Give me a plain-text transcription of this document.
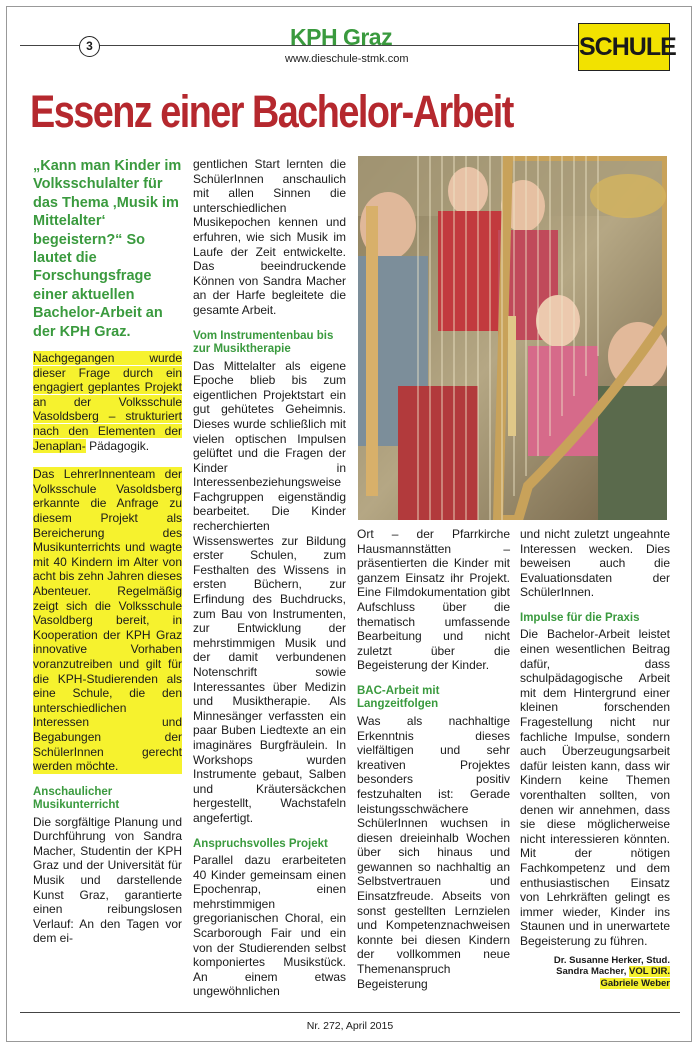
3	KPH Graz
www.dieschule-stmk.com	SCHULE
Essenz einer Bachelor-Arbeit

„Kann man Kinder im Volksschulalter für das Thema ‚Musik im Mittelalter‘ begeistern?“ So lautet die Forschungsfrage einer aktuellen Bachelor-Arbeit an der KPH Graz.

Nachgegangen wurde dieser Frage durch ein engagiert geplantes Projekt an der Volksschule Vasoldsberg – strukturiert nach den Elementen der Jenaplan- Pädagogik.

Das LehrerInnenteam der Volksschule Vasoldsberg erkannte die Anfrage zu diesem Projekt als Bereicherung des Musikunterrichts und wagte mit 40 Kindern im Alter von acht bis zehn Jahren dieses Abenteuer. Regelmäßig zeigt sich die Volksschule Vasoldberg bereit, in Kooperation der KPH Graz innovative Vorhaben voranzutreiben und gilt für die KPH-Studierenden als eine Schule, die den unterschiedlichen Interessen und Begabungen der SchülerInnen gerecht werden möchte.

Anschaulicher Musikunterricht

Die sorgfältige Planung und Durchführung von Sandra Macher, Studentin der KPH Graz und der Universität für Musik und darstellende Kunst Graz, garantierte einen reibungslosen Verlauf: An den Tagen vor dem ei-

gentlichen Start lernten die SchülerInnen anschaulich mit allen Sinnen die unterschiedlichen Musikepochen kennen und erfuhren, wie sich Musik im Laufe der Zeit entwickelte. Das beeindruckende Können von Sandra Macher an der Harfe begleitete die gesamte Arbeit.

Vom Instrumentenbau bis zur Musiktherapie

Das Mittelalter als eigene Epoche blieb bis zum eigentlichen Projektstart ein gut gehütetes Geheimnis. Dieses wurde schließlich mit vielen optischen Impulsen gelüftet und die Fragen der Kinder in Interessenbeziehungsweise Fachgruppen eigenständig bearbeitet. Die Kinder recherchierten Wissenswertes zur Bildung erster Schulen, zum Festhalten des Wissens in ersten Büchern, zur Erfindung des Buchdrucks, zum Bau von Instrumenten, zur Entwicklung der mehrstimmigen Musik und der damit verbundenen Notenschrift sowie Interessantes über Medizin und Musiktherapie. Als Minnesänger verfassten ein paar Buben Liedtexte an ein imaginäres Burgfräulein. In Workshops wurden Instrumente gebaut, Salben und Kräutersäckchen hergestellt, Wachstafeln angefertigt.

Anspruchsvolles Projekt

Parallel dazu erarbeiteten 40 Kinder gemeinsam einen Epochenrap, einen mehrstimmigen gregorianischen Choral, ein Scarborough Fair und ein von der Studierenden selbst komponiertes Musikstück. An einem etwas ungewöhnlichen

Ort – der Pfarrkirche Hausmannstätten – präsentierten die Kinder mit ganzem Einsatz ihr Projekt. Eine Filmdokumentation gibt Aufschluss über die thematisch umfassende Bearbeitung und nicht zuletzt über die Begeisterung der Kinder.

BAC-Arbeit mit Langzeitfolgen

Was als nachhaltige Erkenntnis dieses vielfältigen und sehr kreativen Projektes besonders positiv festzuhalten ist: Gerade leistungsschwächere SchülerInnen wuchsen in diesen dreieinhalb Wochen über sich hinaus und gewannen so nachhaltig an Selbstvertrauen und Einsatzfreude. Abseits von sonst gestellten Lernzielen und Kompetenznachweisen konnte bei diesen Kindern der vollkommen neue Themenanspruch Begeisterung

und nicht zuletzt ungeahnte Interessen wecken. Dies beweisen auch die Evaluationsdaten der SchülerInnen.

Impulse für die Praxis

Die Bachelor-Arbeit leistet einen wesentlichen Beitrag dafür, dass schulpädagogische Arbeit mit dem Hintergrund einer kleinen forschenden Fragestellung nicht nur fachliche Impulse, sondern auch Überzeugungsarbeit dafür leisten kann, dass wir Kindern keine Themen vorenthalten sollten, von denen wir annehmen, dass sie diese möglicherweise nicht interessieren könnten. Mit der nötigen Fachkompetenz und dem enthusiastischen Einsatz von Lehrkräften gelingt es immer wieder, Kinder ins Staunen und in unerwartete Begeisterung zu führen.

Dr. Susanne Herker, Stud. Sandra Macher, VOL DIR. Gabriele Weber

Nr. 272, April 2015
